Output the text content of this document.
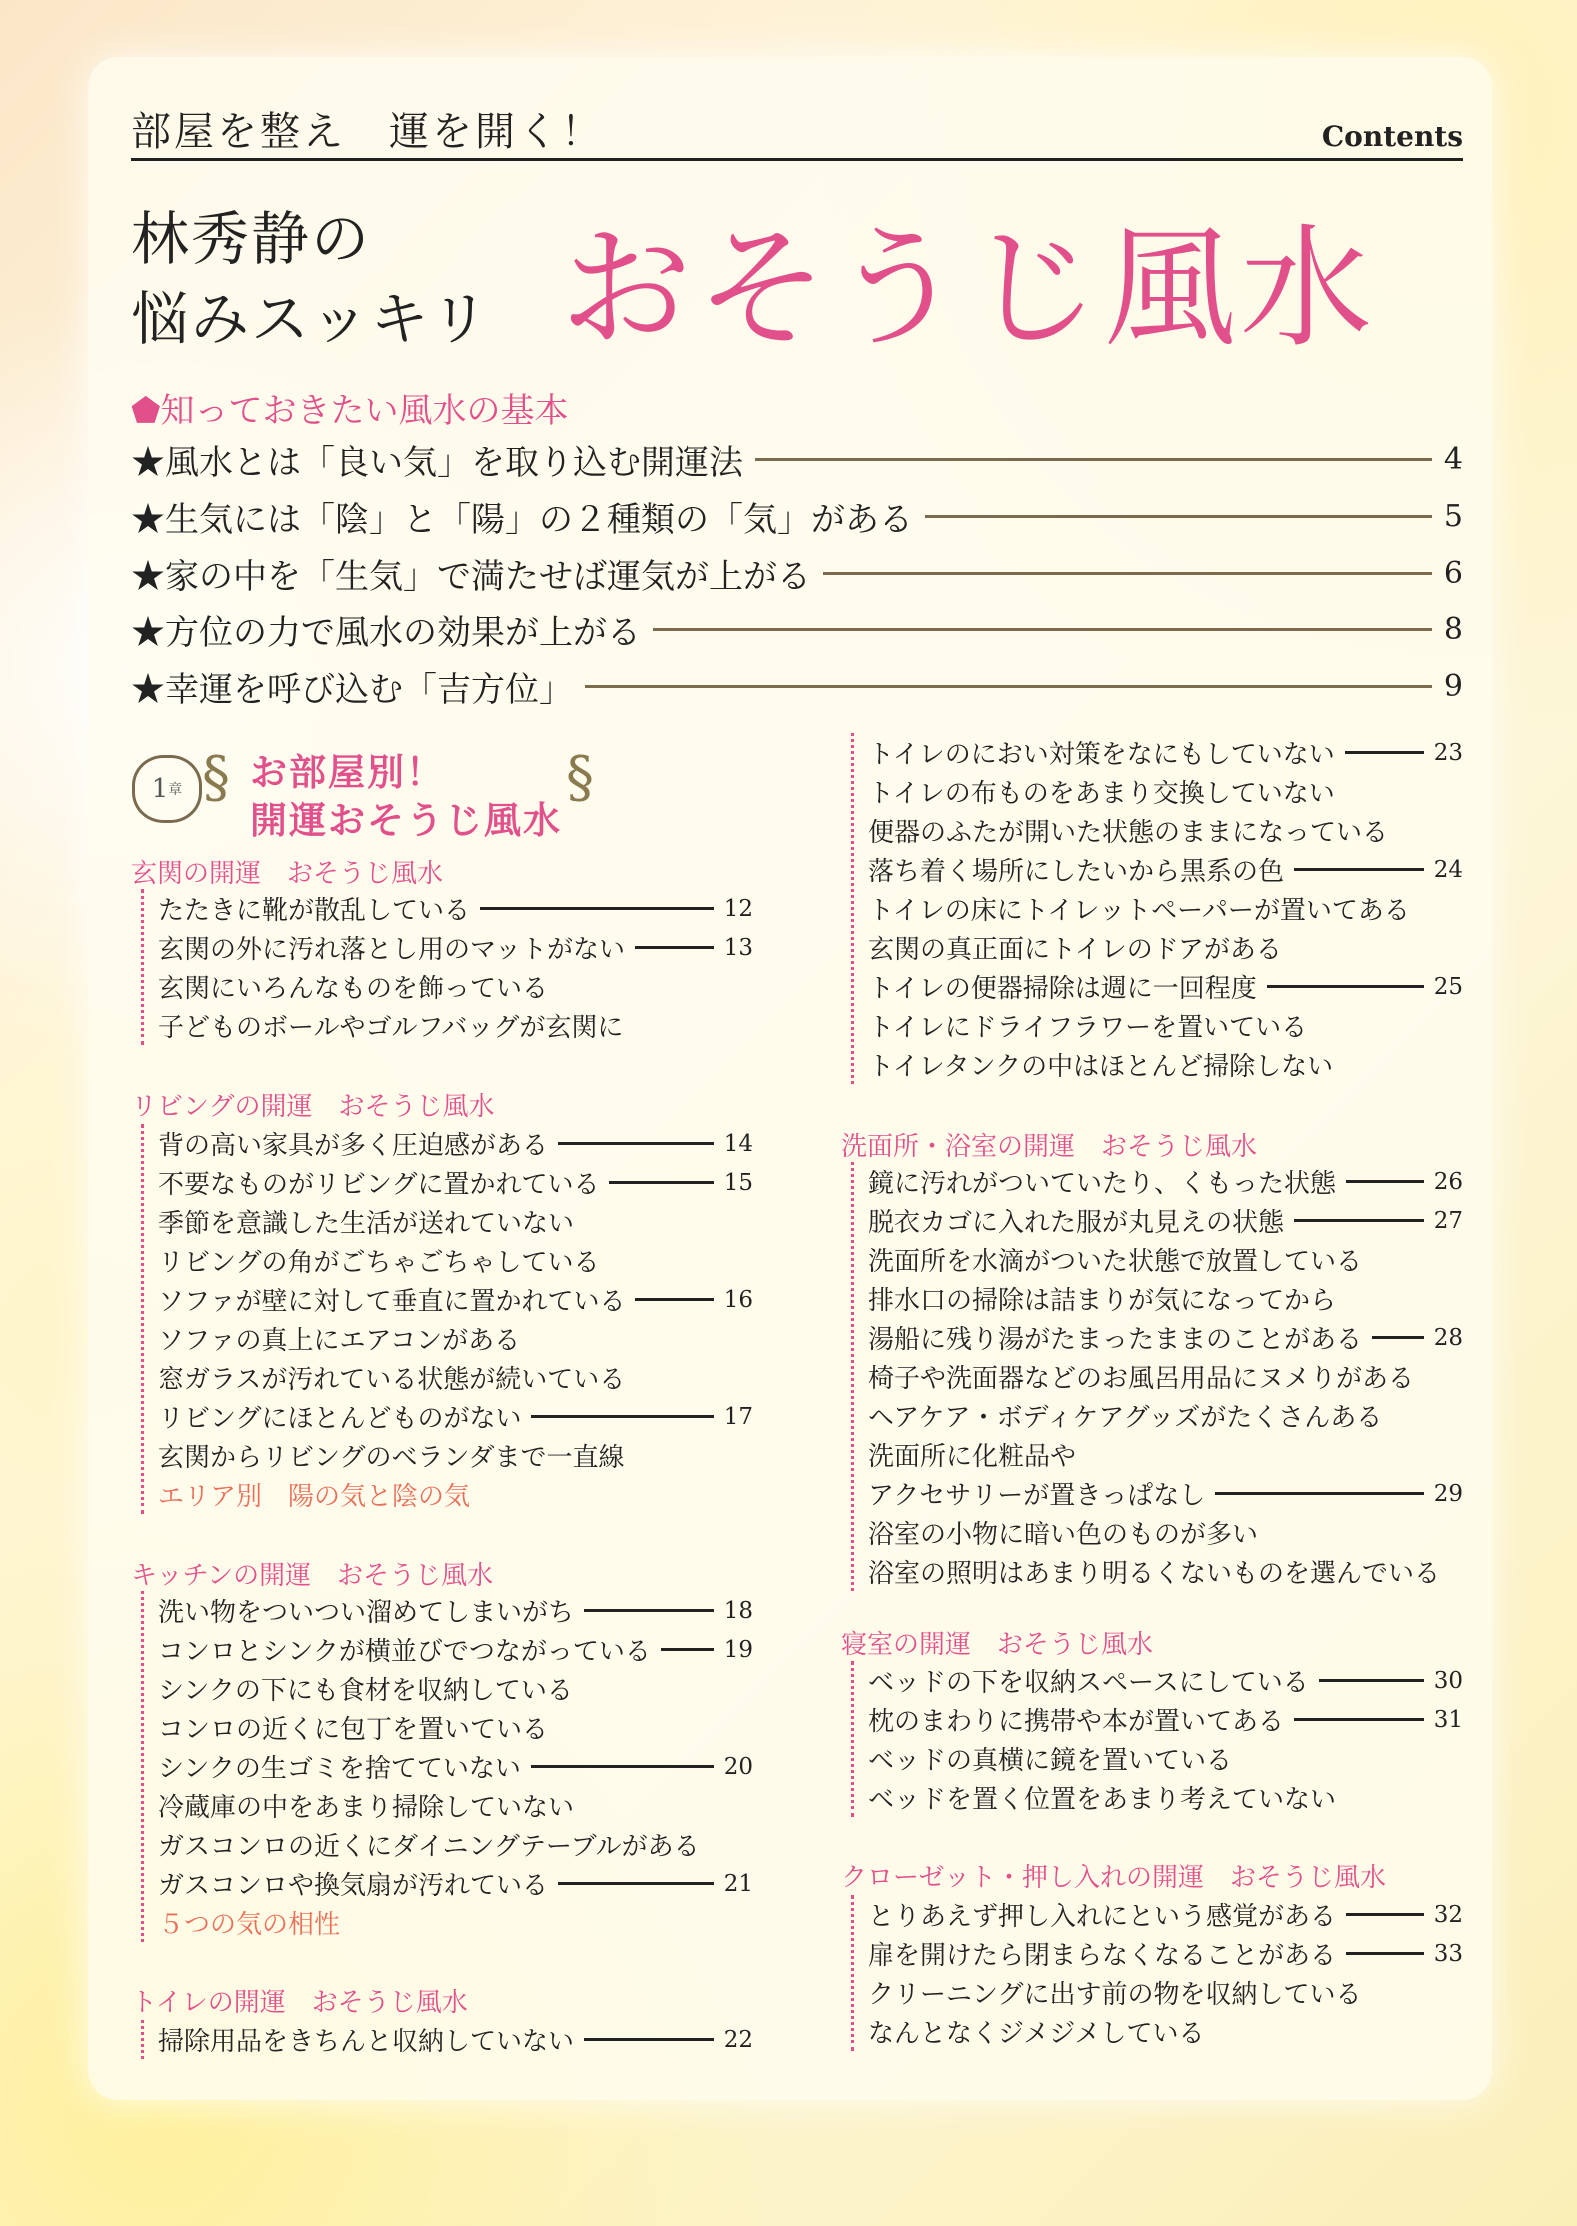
部屋を整え　運を開く！	Contents
林秀静の
悩みスッキリ おそうじ風水
⬟知っておきたい風水の基本
★風水とは「良い気」を取り込む開運法	4
★生気には「陰」と「陽」の２種類の「気」がある	5
★家の中を「生気」で満たせば運気が上がる	6
★方位の力で風水の効果が上がる	8
★幸運を呼び込む「吉方位」	9
1 章 §	§
お部屋別！
開運おそうじ風水
玄関の開運　おそうじ風水
たたきに靴が散乱している	12
玄関の外に汚れ落とし用のマットがない	13
玄関にいろんなものを飾っている
子どものボールやゴルフバッグが玄関に
リビングの開運　おそうじ風水
背の高い家具が多く圧迫感がある	14
不要なものがリビングに置かれている	15
季節を意識した生活が送れていない
リビングの角がごちゃごちゃしている
ソファが壁に対して垂直に置かれている	16
ソファの真上にエアコンがある
窓ガラスが汚れている状態が続いている
リビングにほとんどものがない	17
玄関からリビングのベランダまで一直線
エリア別　陽の気と陰の気
キッチンの開運　おそうじ風水
洗い物をついつい溜めてしまいがち	18
コンロとシンクが横並びでつながっている	19
シンクの下にも食材を収納している
コンロの近くに包丁を置いている
シンクの生ゴミを捨てていない	20
冷蔵庫の中をあまり掃除していない
ガスコンロの近くにダイニングテーブルがある
ガスコンロや換気扇が汚れている	21
５つの気の相性
トイレの開運　おそうじ風水
掃除用品をきちんと収納していない	22
トイレのにおい対策をなにもしていない	23
トイレの布ものをあまり交換していない
便器のふたが開いた状態のままになっている
落ち着く場所にしたいから黒系の色	24
トイレの床にトイレットペーパーが置いてある
玄関の真正面にトイレのドアがある
トイレの便器掃除は週に一回程度	25
トイレにドライフラワーを置いている
トイレタンクの中はほとんど掃除しない
洗面所・浴室の開運　おそうじ風水
鏡に汚れがついていたり、くもった状態	26
脱衣カゴに入れた服が丸見えの状態	27
洗面所を水滴がついた状態で放置している
排水口の掃除は詰まりが気になってから
湯船に残り湯がたまったままのことがある	28
椅子や洗面器などのお風呂用品にヌメりがある
ヘアケア・ボディケアグッズがたくさんある
洗面所に化粧品や
アクセサリーが置きっぱなし	29
浴室の小物に暗い色のものが多い
浴室の照明はあまり明るくないものを選んでいる
寝室の開運　おそうじ風水
ベッドの下を収納スペースにしている	30
枕のまわりに携帯や本が置いてある	31
ベッドの真横に鏡を置いている
ベッドを置く位置をあまり考えていない
クローゼット・押し入れの開運　おそうじ風水
とりあえず押し入れにという感覚がある	32
扉を開けたら閉まらなくなることがある	33
クリーニングに出す前の物を収納している
なんとなくジメジメしている
